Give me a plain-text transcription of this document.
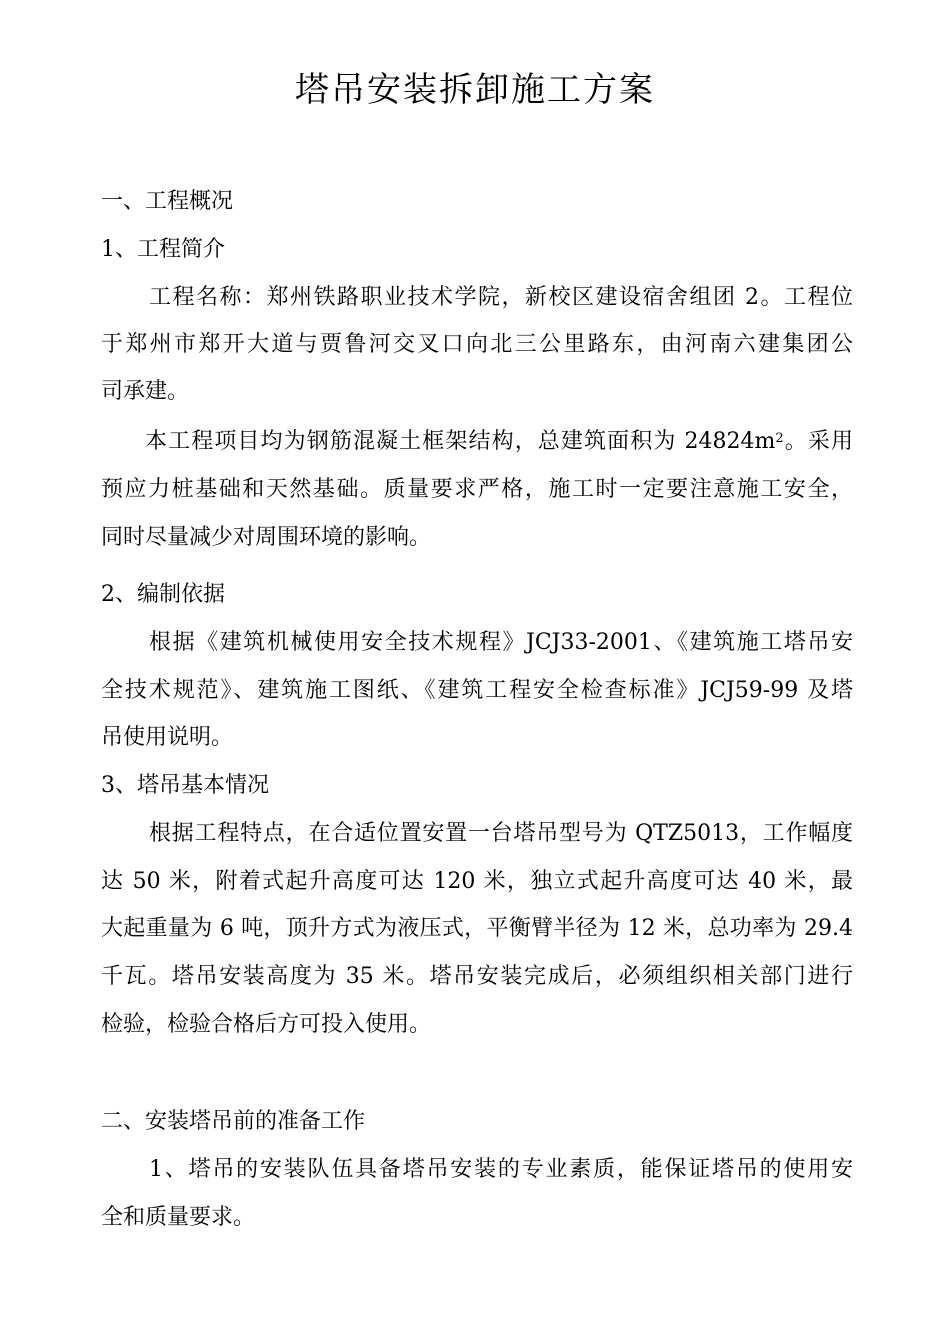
塔吊安装拆卸施工方案

一、工程概况

1、工程简介

工程名称：郑州铁路职业技术学院，新校区建设宿舍组团 2。工程位

于郑州市郑开大道与贾鲁河交叉口向北三公里路东，由河南六建集团公

司承建。

本工程项目均为钢筋混凝土框架结构，总建筑面积为 $24824m^2$。采用

预应力桩基础和天然基础。质量要求严格，施工时一定要注意施工安全，

同时尽量减少对周围环境的影响。

2、编制依据

根据《建筑机械使用安全技术规程》JCJ33-2001、《建筑施工塔吊安

全技术规范》、建筑施工图纸、《建筑工程安全检查标准》JCJ59-99 及塔

吊使用说明。

3、塔吊基本情况

根据工程特点，在合适位置安置一台塔吊型号为 QTZ5013，工作幅度

达 50 米，附着式起升高度可达 120 米，独立式起升高度可达 40 米，最

大起重量为 6 吨，顶升方式为液压式，平衡臂半径为 12 米，总功率为 29.4

千瓦。塔吊安装高度为 35 米。塔吊安装完成后，必须组织相关部门进行

检验，检验合格后方可投入使用。

二、安装塔吊前的准备工作

1、塔吊的安装队伍具备塔吊安装的专业素质，能保证塔吊的使用安

全和质量要求。
